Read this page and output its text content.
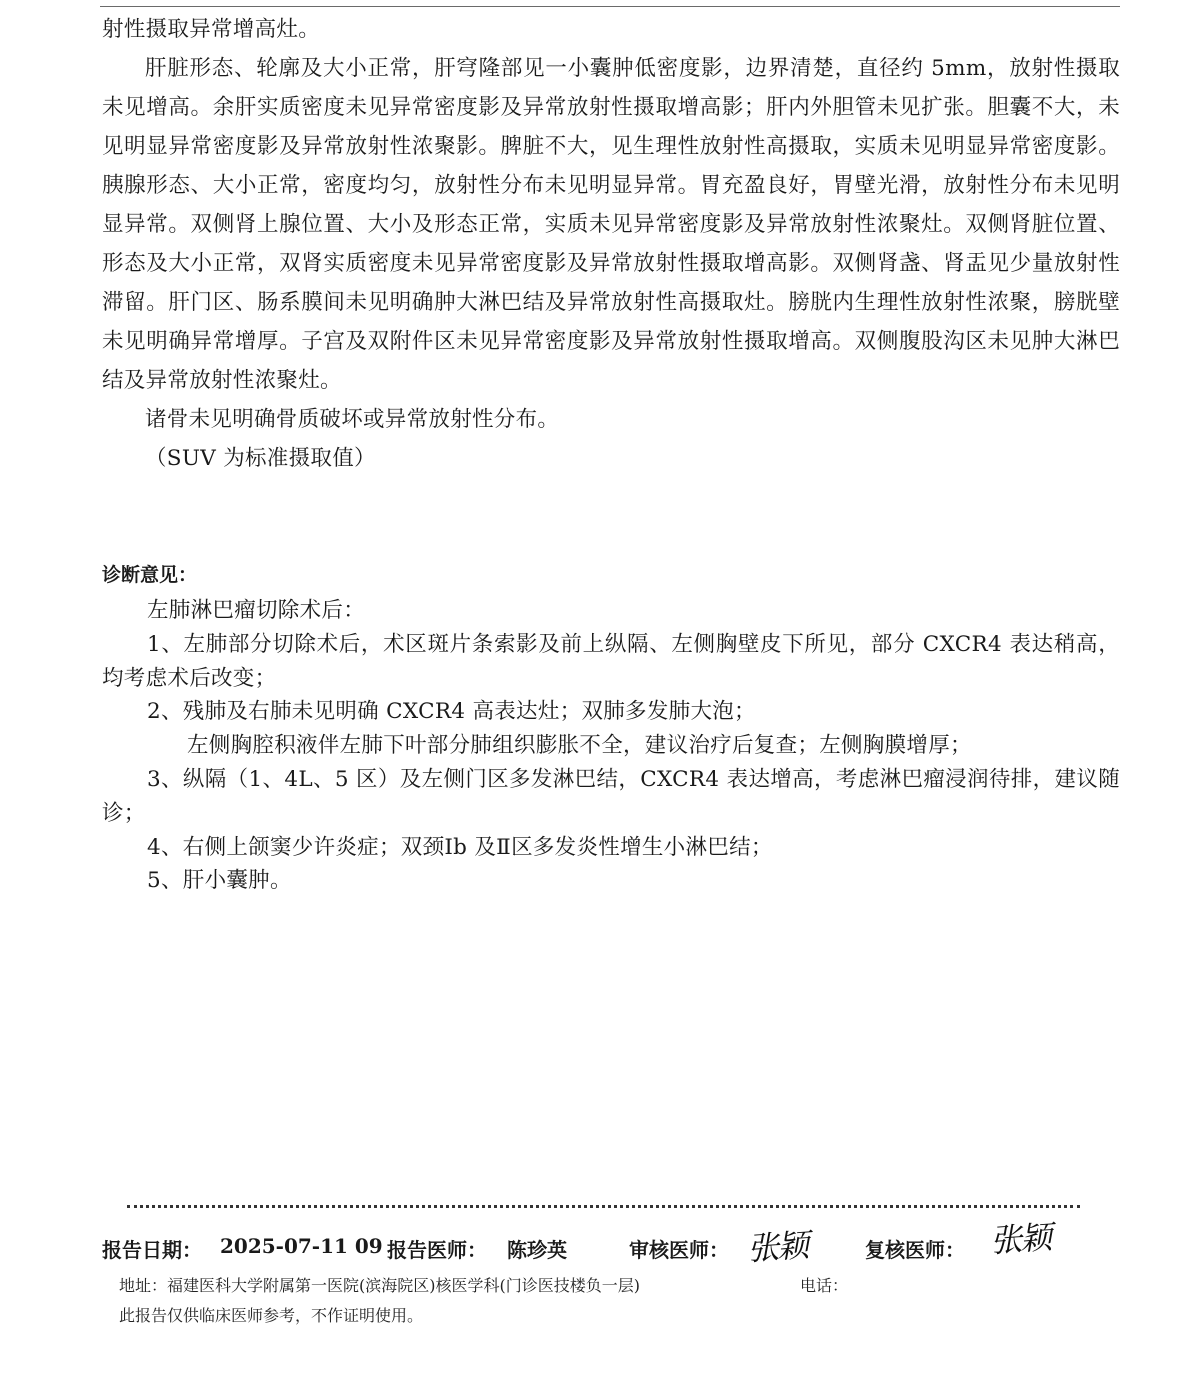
射性摄取异常增高灶。

肝脏形态、轮廓及大小正常，肝穹隆部见一小囊肿低密度影，边界清楚，直径约 5mm，放射性摄取未见增高。余肝实质密度未见异常密度影及异常放射性摄取增高影；肝内外胆管未见扩张。胆囊不大，未见明显异常密度影及异常放射性浓聚影。脾脏不大，见生理性放射性高摄取，实质未见明显异常密度影。胰腺形态、大小正常，密度均匀，放射性分布未见明显异常。胃充盈良好，胃壁光滑，放射性分布未见明显异常。双侧肾上腺位置、大小及形态正常，实质未见异常密度影及异常放射性浓聚灶。双侧肾脏位置、形态及大小正常，双肾实质密度未见异常密度影及异常放射性摄取增高影。双侧肾盏、肾盂见少量放射性滞留。肝门区、肠系膜间未见明确肿大淋巴结及异常放射性高摄取灶。膀胱内生理性放射性浓聚，膀胱壁未见明确异常增厚。子宫及双附件区未见异常密度影及异常放射性摄取增高。双侧腹股沟区未见肿大淋巴结及异常放射性浓聚灶。

诸骨未见明确骨质破坏或异常放射性分布。

（SUV 为标准摄取值）

诊断意见：

左肺淋巴瘤切除术后：

1、左肺部分切除术后，术区斑片条索影及前上纵隔、左侧胸壁皮下所见，部分 CXCR4 表达稍高，均考虑术后改变；

2、残肺及右肺未见明确 CXCR4 高表达灶；双肺多发肺大泡；

左侧胸腔积液伴左肺下叶部分肺组织膨胀不全，建议治疗后复查；左侧胸膜增厚；

3、纵隔（1、4L、5 区）及左侧门区多发淋巴结，CXCR4 表达增高，考虑淋巴瘤浸润待排，建议随诊；

4、右侧上颌窦少许炎症；双颈Ⅰb 及Ⅱ区多发炎性增生小淋巴结；

5、肝小囊肿。

报告日期： 2025-07-11 09 报告医师： 陈珍英	审核医师： 张颖	复核医师： 张颖
地址：福建医科大学附属第一医院(滨海院区)核医学科(门诊医技楼负一层)	电话：
此报告仅供临床医师参考，不作证明使用。
